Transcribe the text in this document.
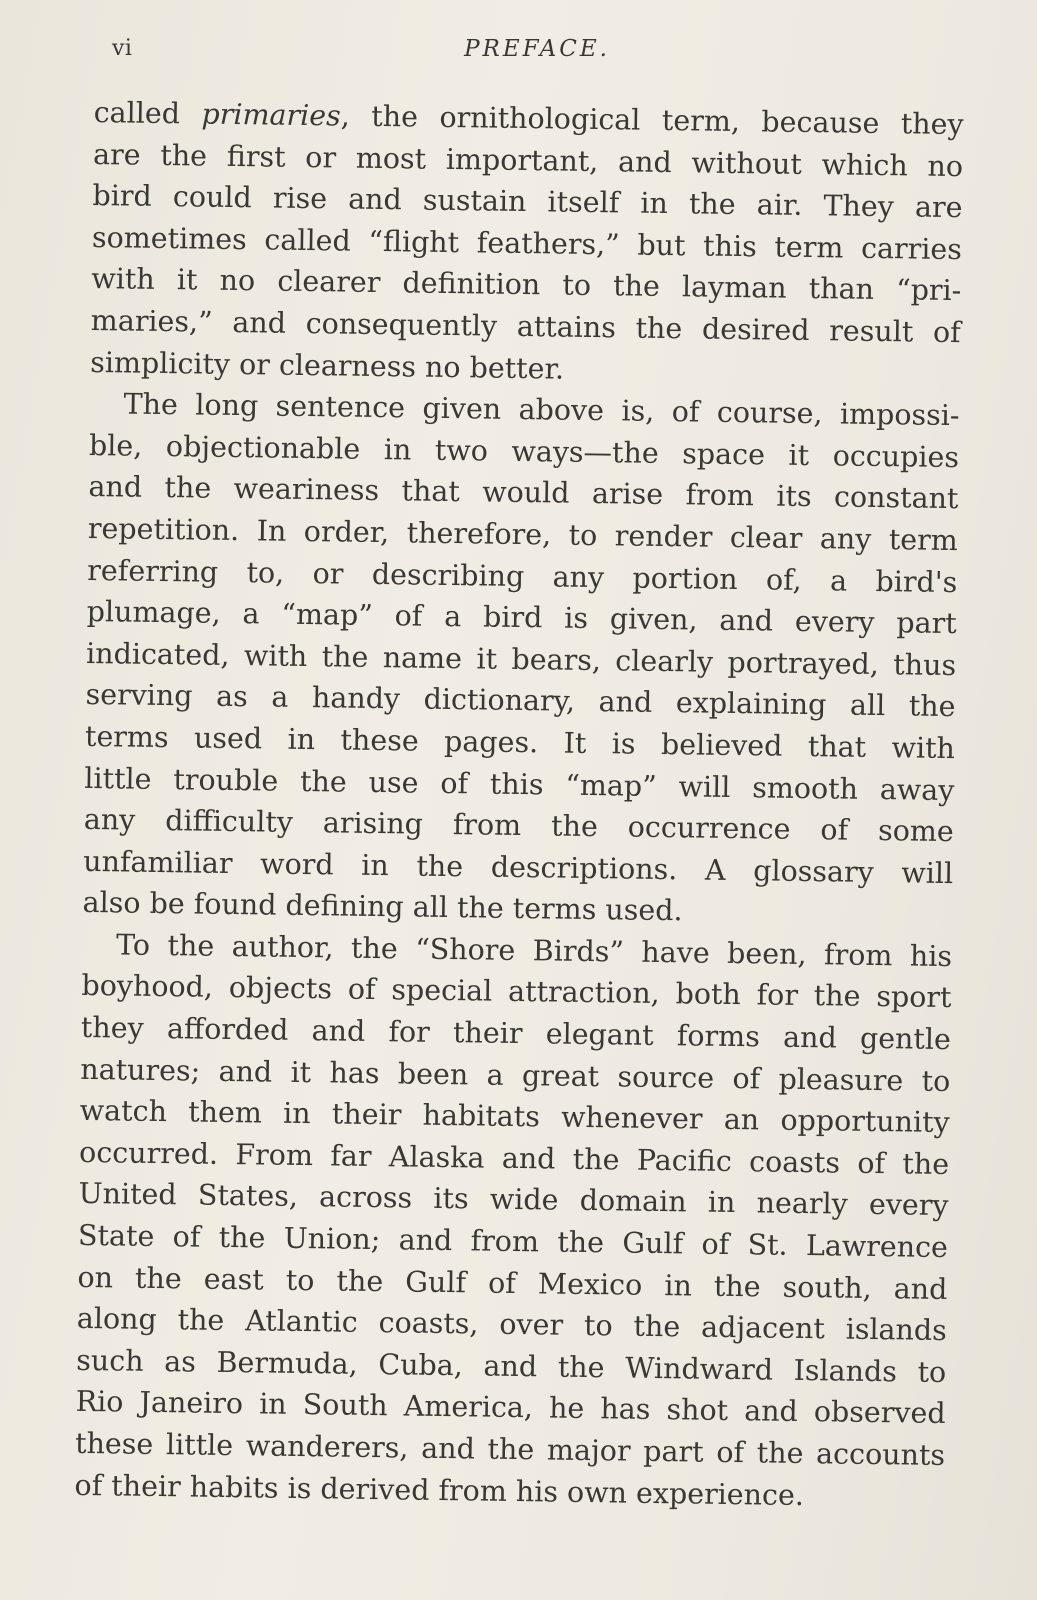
vi	PREFACE.
called primaries, the ornithological term, because they
are the first or most important, and without which no
bird could rise and sustain itself in the air. They are
sometimes called “flight feathers,” but this term carries
with it no clearer definition to the layman than “pri-
maries,” and consequently attains the desired result of
simplicity or clearness no better.
The long sentence given above is, of course, impossi-
ble, objectionable in two ways—the space it occupies
and the weariness that would arise from its constant
repetition. In order, therefore, to render clear any term
referring to, or describing any portion of, a bird's
plumage, a “map” of a bird is given, and every part
indicated, with the name it bears, clearly portrayed, thus
serving as a handy dictionary, and explaining all the
terms used in these pages. It is believed that with
little trouble the use of this “map” will smooth away
any difficulty arising from the occurrence of some
unfamiliar word in the descriptions. A glossary will
also be found defining all the terms used.
To the author, the “Shore Birds” have been, from his
boyhood, objects of special attraction, both for the sport
they afforded and for their elegant forms and gentle
natures; and it has been a great source of pleasure to
watch them in their habitats whenever an opportunity
occurred. From far Alaska and the Pacific coasts of the
United States, across its wide domain in nearly every
State of the Union; and from the Gulf of St. Lawrence
on the east to the Gulf of Mexico in the south, and
along the Atlantic coasts, over to the adjacent islands
such as Bermuda, Cuba, and the Windward Islands to
Rio Janeiro in South America, he has shot and observed
these little wanderers, and the major part of the accounts
of their habits is derived from his own experience.
